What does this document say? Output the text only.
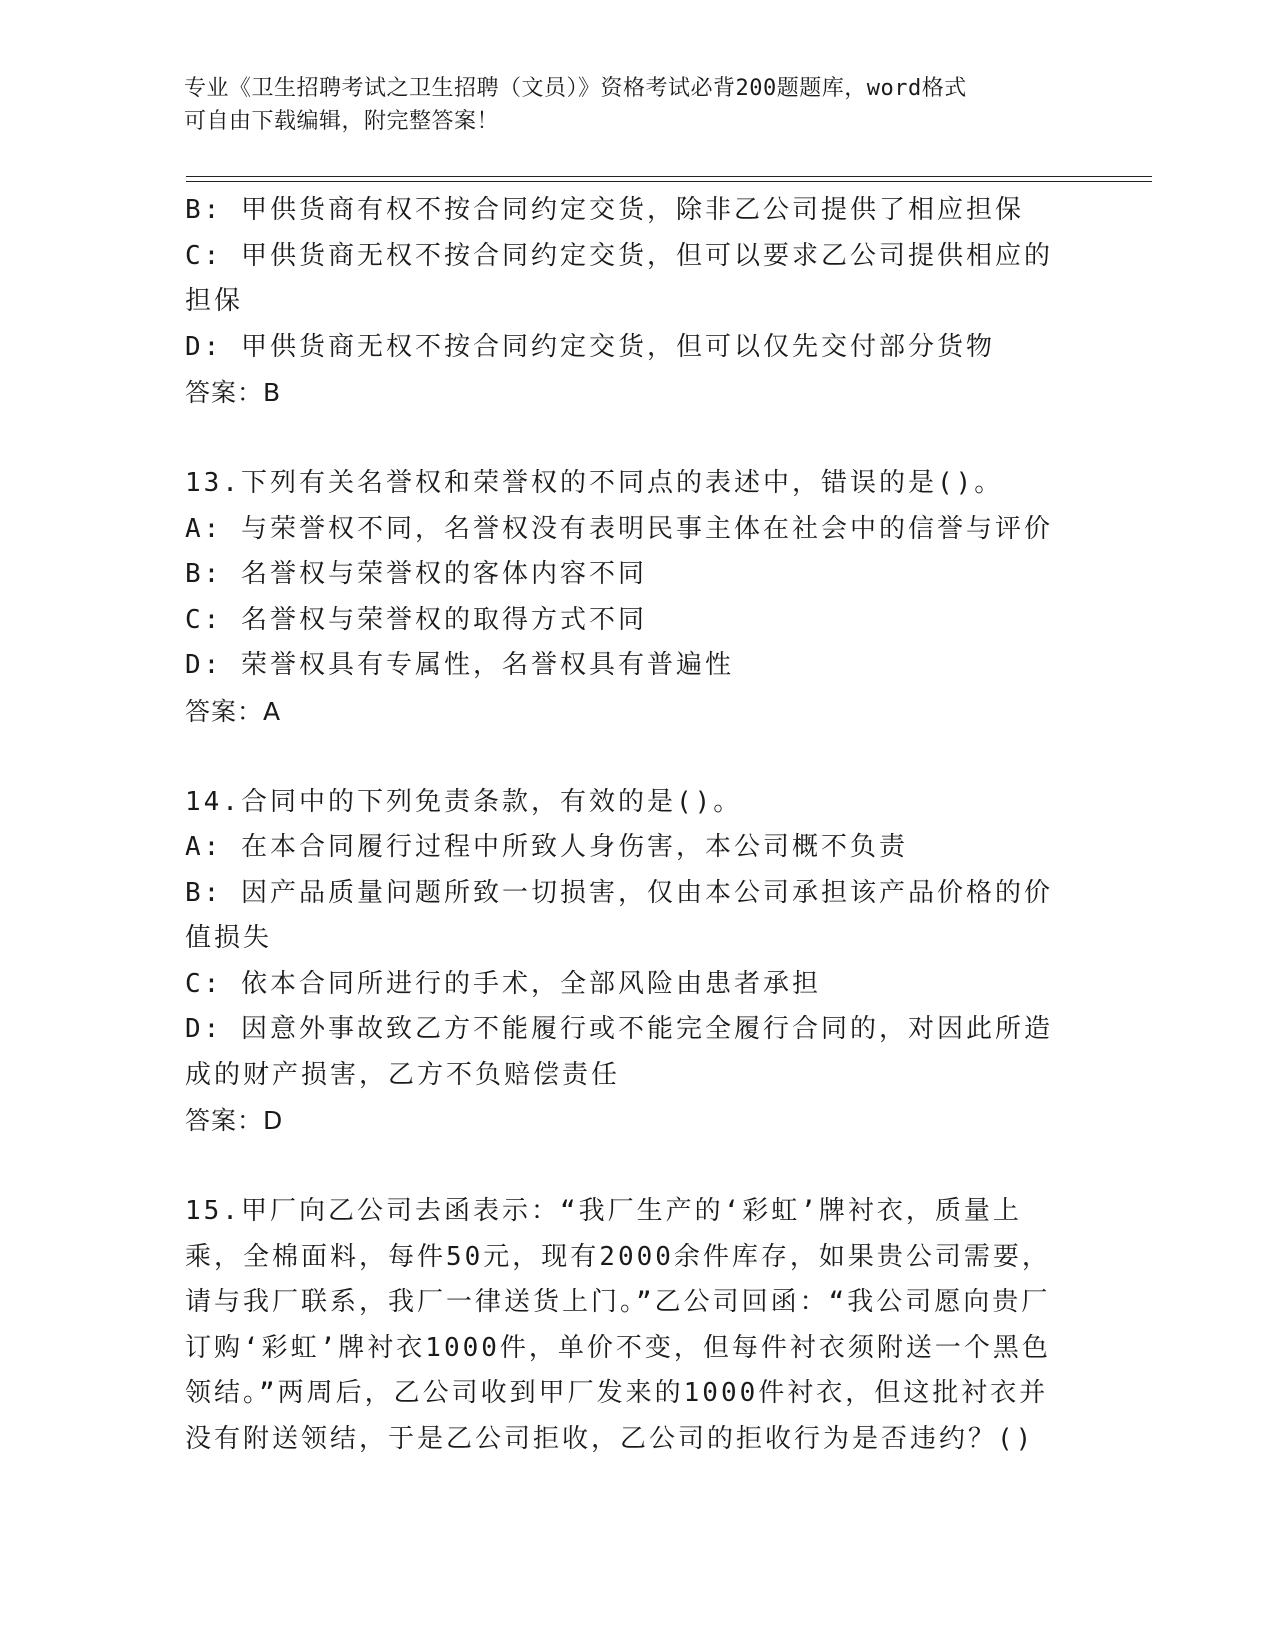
专业《卫生招聘考试之卫生招聘（文员）》资格考试必背200题题库，word格式
可自由下载编辑，附完整答案！
B: 甲供货商有权不按合同约定交货，除非乙公司提供了相应担保
C: 甲供货商无权不按合同约定交货，但可以要求乙公司提供相应的担保
D: 甲供货商无权不按合同约定交货，但可以仅先交付部分货物
答案：B
13.下列有关名誉权和荣誉权的不同点的表述中，错误的是()。
A: 与荣誉权不同，名誉权没有表明民事主体在社会中的信誉与评价
B: 名誉权与荣誉权的客体内容不同
C: 名誉权与荣誉权的取得方式不同
D: 荣誉权具有专属性，名誉权具有普遍性
答案：A
14.合同中的下列免责条款，有效的是()。
A: 在本合同履行过程中所致人身伤害，本公司概不负责
B: 因产品质量问题所致一切损害，仅由本公司承担该产品价格的价值损失
C: 依本合同所进行的手术，全部风险由患者承担
D: 因意外事故致乙方不能履行或不能完全履行合同的，对因此所造成的财产损害，乙方不负赔偿责任
答案：D
15.甲厂向乙公司去函表示：“我厂生产的‘彩虹’牌衬衣，质量上乘，全棉面料，每件50元，现有2000余件库存，如果贵公司需要，请与我厂联系，我厂一律送货上门。”乙公司回函：“我公司愿向贵厂订购‘彩虹’牌衬衣1000件，单价不变，但每件衬衣须附送一个黑色领结。”两周后，乙公司收到甲厂发来的1000件衬衣，但这批衬衣并没有附送领结，于是乙公司拒收，乙公司的拒收行为是否违约？()
